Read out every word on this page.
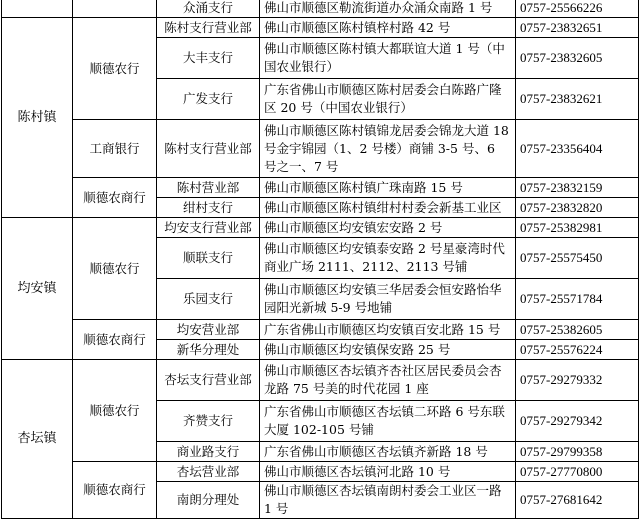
		众涌支行	佛山市顺德区勒流街道办众涌众南路 1 号	0757-25566226
陈村镇	顺德农行	陈村支行营业部	佛山市顺德区陈村镇梓村路 42 号	0757-23832651
		大丰支行	佛山市顺德区陈村镇大都联谊大道 1 号（中国农业银行）	0757-23832605
		广发支行	广东省佛山市顺德区陈村居委会白陈路广隆区 20 号（中国农业银行）	0757-23832621
	工商银行	陈村支行营业部	佛山市顺德区陈村镇锦龙居委会锦龙大道 18 号金宇锦园（1、2 号楼）商铺 3-5 号、6 号之一、7 号	0757-23356404
	顺德农商行	陈村营业部	佛山市顺德区陈村镇广珠南路 15 号	0757-23832159
		绀村支行	佛山市顺德区陈村镇绀村村委会新基工业区	0757-23832820
均安镇	顺德农行	均安支行营业部	佛山市顺德区均安镇宏安路 2 号	0757-25382981
		顺联支行	佛山市顺德区均安镇泰安路 2 号星豪湾时代商业广场 2111、2112、2113 号铺	0757-25575450
		乐园支行	佛山市顺德区均安镇三华居委会恒安路怡华园阳光新城 5-9 号地铺	0757-25571784
	顺德农商行	均安营业部	广东省佛山市顺德区均安镇百安北路 15 号	0757-25382605
		新华分理处	佛山市顺德区均安镇保安路 25 号	0757-25576224
杏坛镇	顺德农行	杏坛支行营业部	佛山市顺德区杏坛镇齐杏社区居民委员会杏龙路 75 号美的时代花园 1 座	0757-29279332
		齐赞支行	广东省佛山市顺德区杏坛镇二环路 6 号东联大厦 102-105 号铺	0757-29279342
		商业路支行	广东省佛山市顺德区杏坛镇齐新路 18 号	0757-29799358
	顺德农商行	杏坛营业部	佛山市顺德区杏坛镇河北路 10 号	0757-27770800
		南朗分理处	佛山市顺德区杏坛镇南朗村委会工业区一路 1 号	0757-27681642
